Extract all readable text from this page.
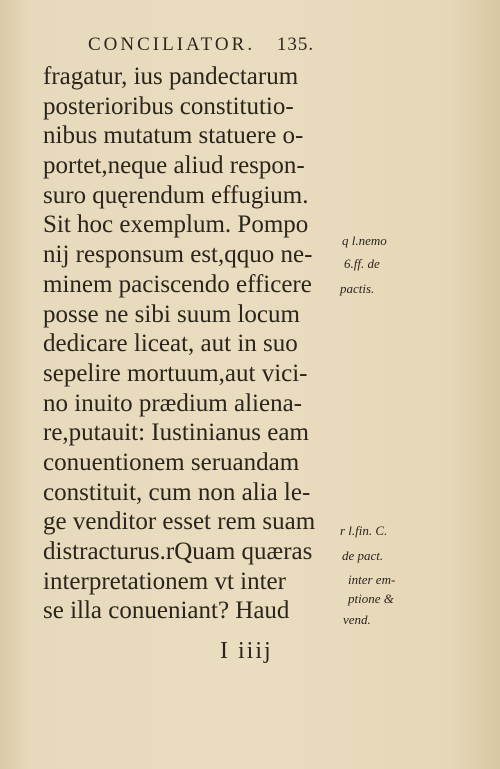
CONCILIATOR. 135.
fragatur, ius pandectarum
posterioribus constitutio-
nibus mutatum statuere o-
portet,neque aliud respon-
suro quęrendum effugium.
Sit hoc exemplum. Pompo
nij responsum est,qquo ne-
minem paciscendo efficere
posse ne sibi suum locum
dedicare liceat, aut in suo
sepelire mortuum,aut vici-
no inuito prædium aliena-
re,putauit: Iustinianus eam
conuentionem seruandam
constituit, cum non alia le-
ge venditor esset rem suam
distracturus.rQuam quæras
interpretationem vt inter
se illa conueniant? Haud
q l.nemo
6.ff. de
pactis.
r l.fin. C.
de pact.
inter em-
ptione &
vend.
I iiij
